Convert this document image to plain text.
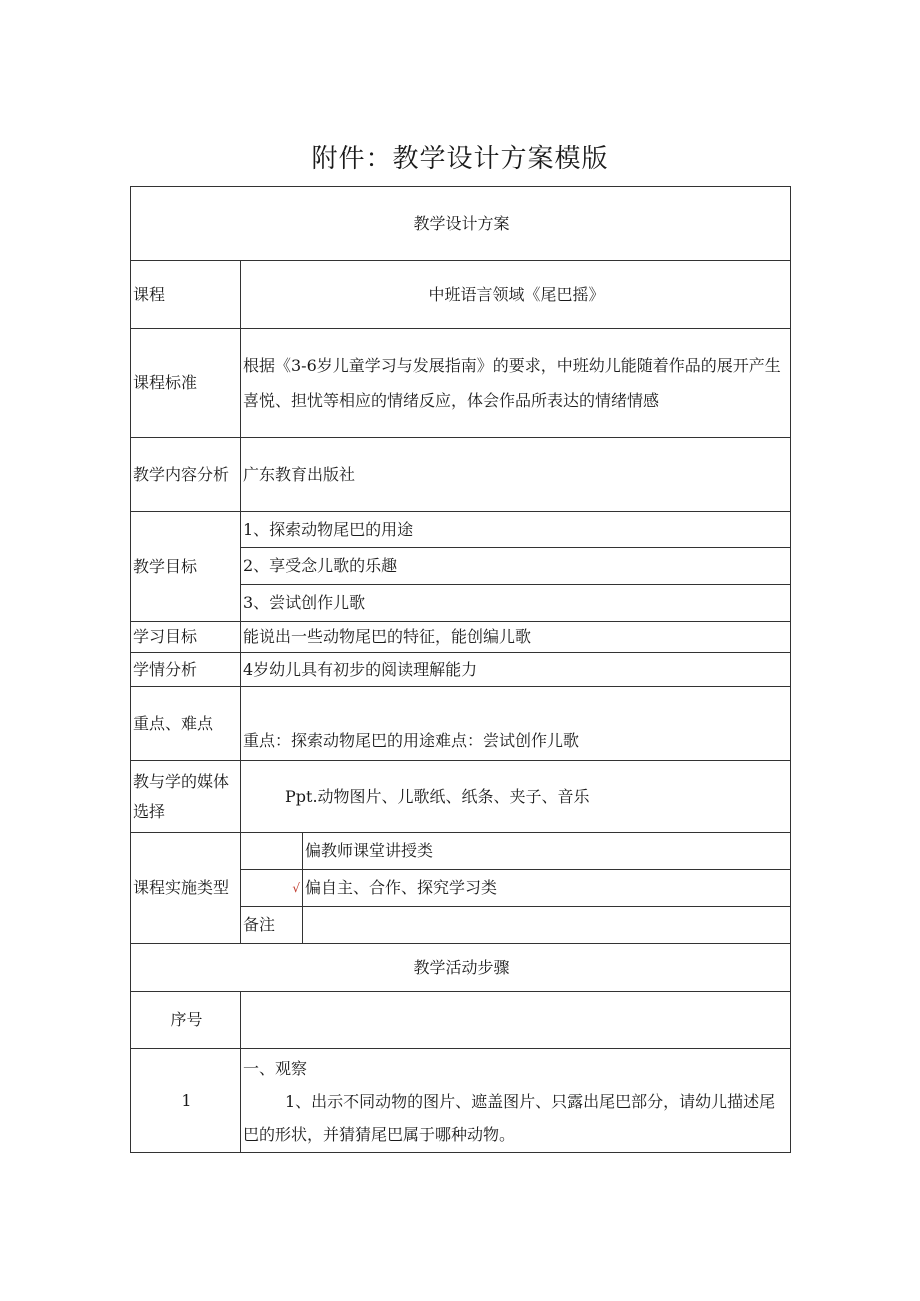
附件：教学设计方案模版
教学设计方案		
课程	中班语言领域《尾巴摇》	
课程标准	根据《3-6岁儿童学习与发展指南》的要求，中班幼儿能随着作品的展开产生喜悦、担忧等相应的情绪反应，体会作品所表达的情绪情感	
教学内容分析	广东教育出版社	
教学目标	1、探索动物尾巴的用途	
	2、享受念儿歌的乐趣	
	3、尝试创作儿歌	
学习目标	能说出一些动物尾巴的特征，能创编儿歌	
学情分析	4岁幼儿具有初步的阅读理解能力	
重点、难点	重点：探索动物尾巴的用途难点：尝试创作儿歌	
教与学的媒体选择	Ppt.动物图片、儿歌纸、纸条、夹子、音乐	
课程实施类型		偏教师课堂讲授类
	√	偏自主、合作、探究学习类
	备注	
教学活动步骤		
序号		
1	一、观察
1、出示不同动物的图片、遮盖图片、只露出尾巴部分，请幼儿描述尾巴的形状，并猜猜尾巴属于哪种动物。	
